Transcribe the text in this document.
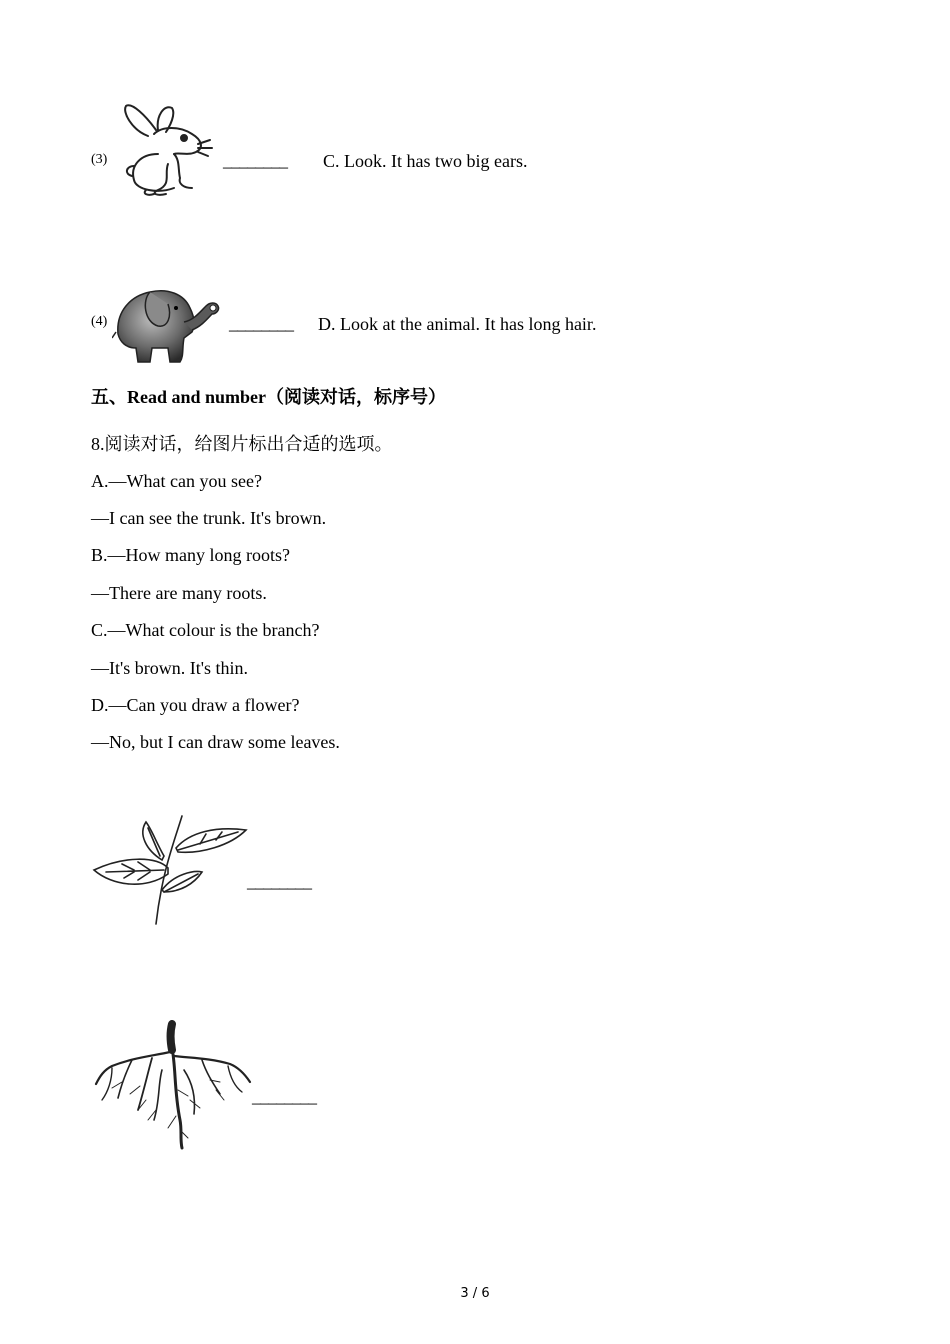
(3)	________ C. Look. It has two big ears.
(4)	________ D. Look at the animal. It has long hair.
五、Read and number（阅读对话，标序号）
8.阅读对话，给图片标出合适的选项。
A.—What can you see?
—I can see the trunk. It's brown.
B.—How many long roots?
—There are many roots.
C.—What colour is the branch?
—It's brown. It's thin.
D.—Can you draw a flower?
—No, but I can draw some leaves.
________
________
3 / 6
